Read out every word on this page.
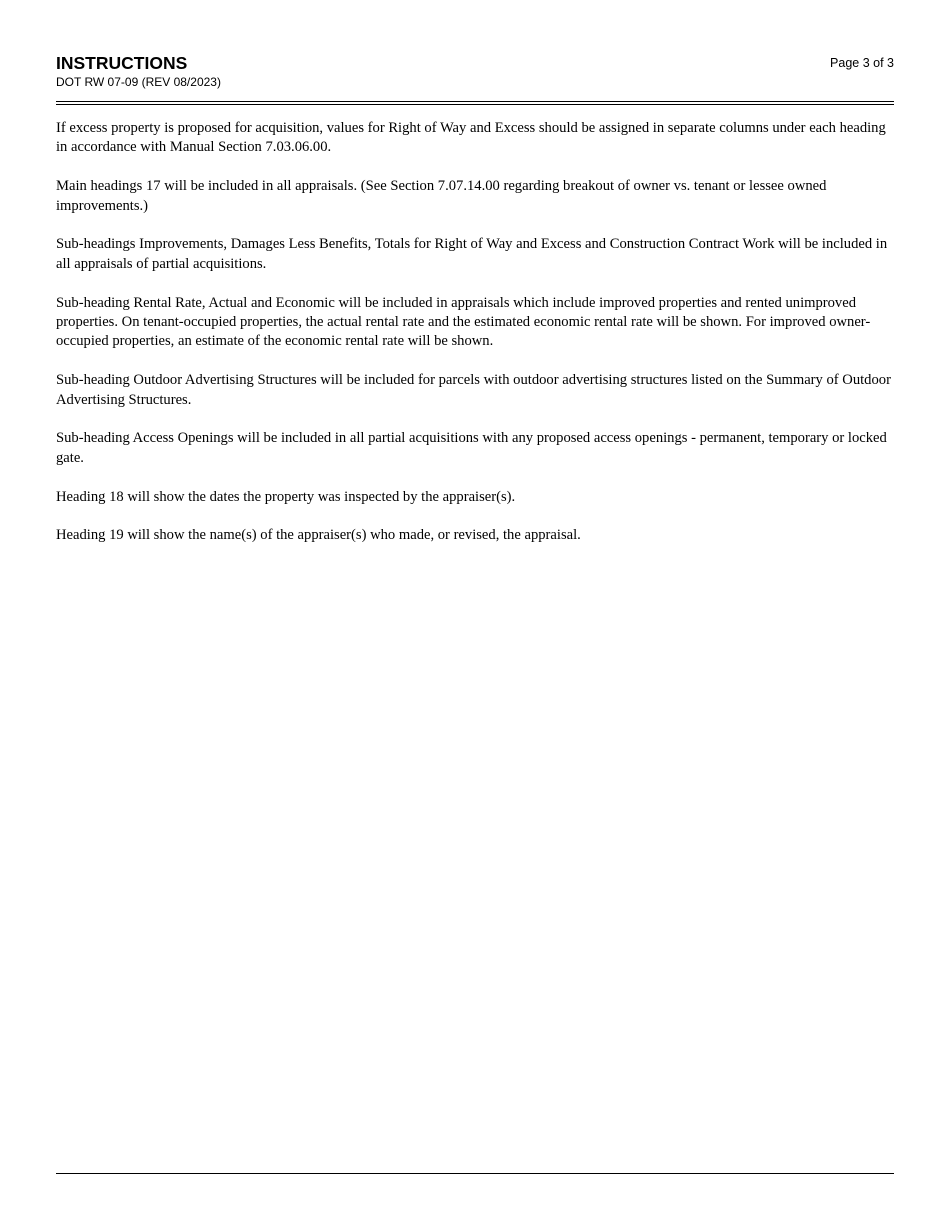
INSTRUCTIONS
DOT RW 07-09 (REV 08/2023)
Page 3 of 3

If excess property is proposed for acquisition, values for Right of Way and Excess should be assigned in separate columns under each heading in accordance with Manual Section 7.03.06.00.

Main headings 17 will be included in all appraisals. (See Section 7.07.14.00 regarding breakout of owner vs. tenant or lessee owned improvements.)

Sub-headings Improvements, Damages Less Benefits, Totals for Right of Way and Excess and Construction Contract Work will be included in all appraisals of partial acquisitions.

Sub-heading Rental Rate, Actual and Economic will be included in appraisals which include improved properties and rented unimproved properties. On tenant-occupied properties, the actual rental rate and the estimated economic rental rate will be shown. For improved owner-occupied properties, an estimate of the economic rental rate will be shown.

Sub-heading Outdoor Advertising Structures will be included for parcels with outdoor advertising structures listed on the Summary of Outdoor Advertising Structures.

Sub-heading Access Openings will be included in all partial acquisitions with any proposed access openings - permanent, temporary or locked gate.

Heading 18 will show the dates the property was inspected by the appraiser(s).

Heading 19 will show the name(s) of the appraiser(s) who made, or revised, the appraisal.
